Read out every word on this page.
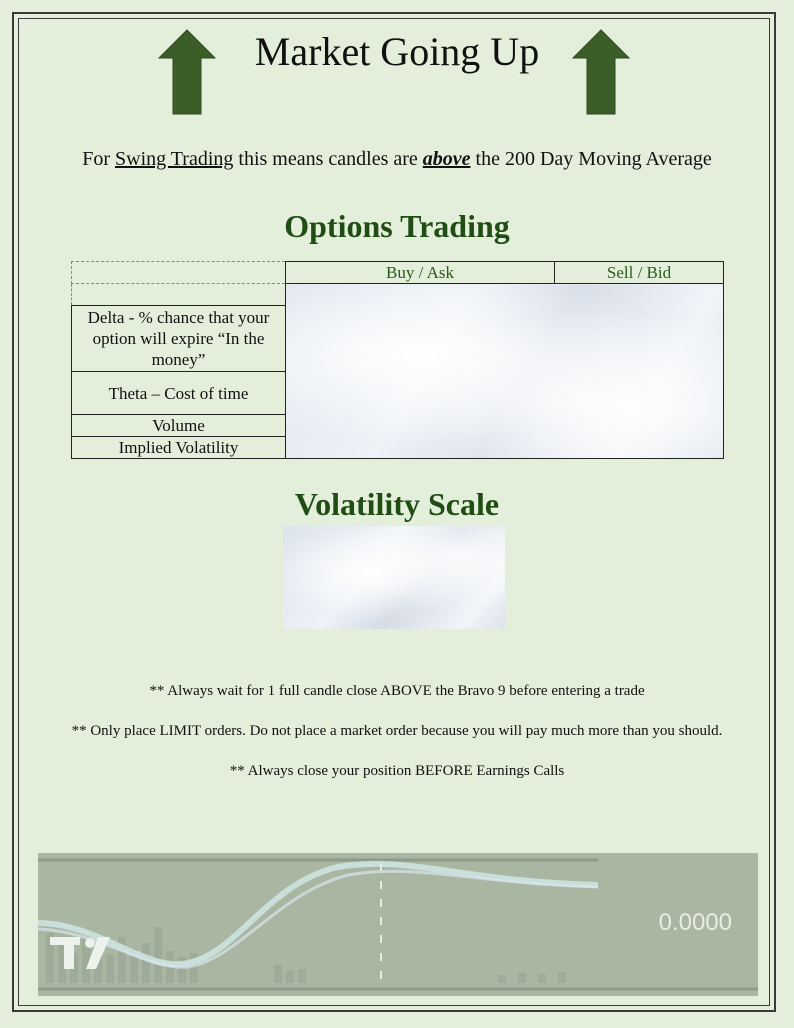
Market Going Up
For Swing Trading this means candles are above the 200 Day Moving Average
Options Trading
	Buy / Ask	Sell / Bid

Delta - % chance that your option will expire “In the money”		
Theta – Cost of time		
Volume		
Implied Volatility		
Volatility Scale
** Always wait for 1 full candle close ABOVE the Bravo 9 before entering a trade
** Only place LIMIT orders. Do not place a market order because you will pay much more than you should.
** Always close your position BEFORE Earnings Calls
0.0000
